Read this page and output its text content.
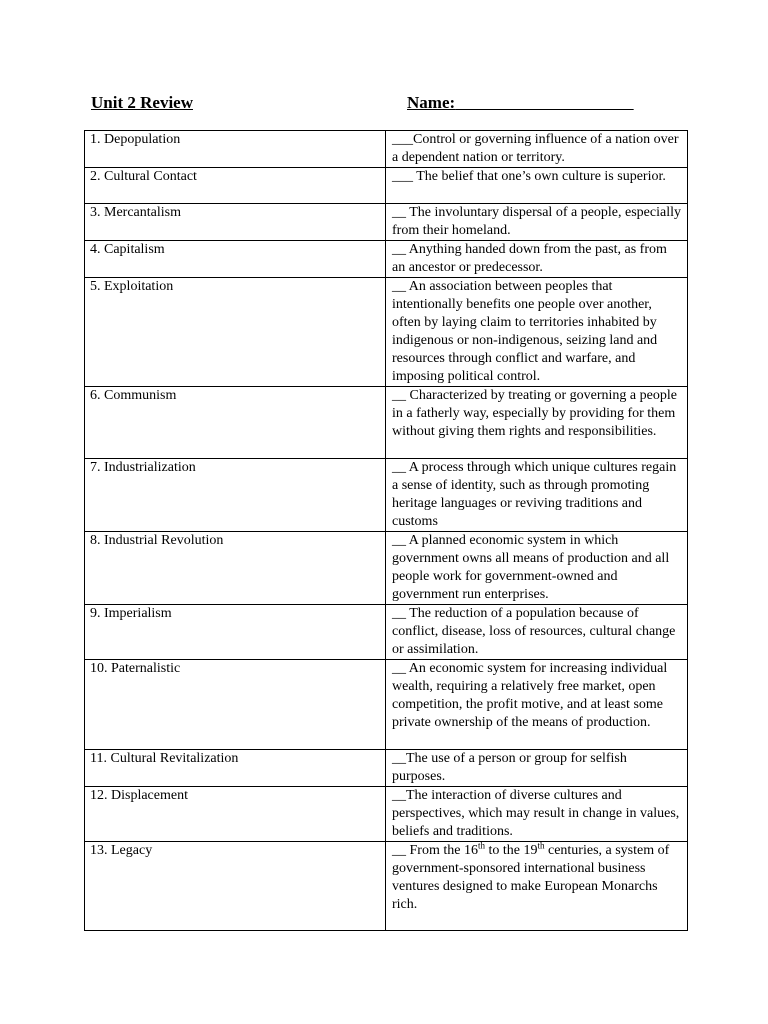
Unit 2 Review	Name:
1. Depopulation	___Control or governing influence of a nation over a dependent nation or territory.
2. Cultural Contact	___ The belief that one’s own culture is superior.
3. Mercantalism	__ The involuntary dispersal of a people, especially from their homeland.
4. Capitalism	__ Anything handed down from the past, as from an ancestor or predecessor.
5. Exploitation	__ An association between peoples that intentionally benefits one people over another, often by laying claim to territories inhabited by indigenous or non-indigenous, seizing land and resources through conflict and warfare, and imposing political control.
6. Communism	__ Characterized by treating or governing a people in a fatherly way, especially by providing for them without giving them rights and responsibilities.
7. Industrialization	__ A process through which unique cultures regain a sense of identity, such as through promoting heritage languages or reviving traditions and customs
8. Industrial Revolution	__ A planned economic system in which government owns all means of production and all people work for government-owned and government run enterprises.
9. Imperialism	__ The reduction of a population because of conflict, disease, loss of resources, cultural change or assimilation.
10. Paternalistic	__ An economic system for increasing individual wealth, requiring a relatively free market, open competition, the profit motive, and at least some private ownership of the means of production.
11. Cultural Revitalization	__The use of a person or group for selfish purposes.
12. Displacement	__The interaction of diverse cultures and perspectives, which may result in change in values, beliefs and traditions.
13. Legacy	__ From the 16th to the 19th centuries, a system of government-sponsored international business ventures designed to make European Monarchs rich.
